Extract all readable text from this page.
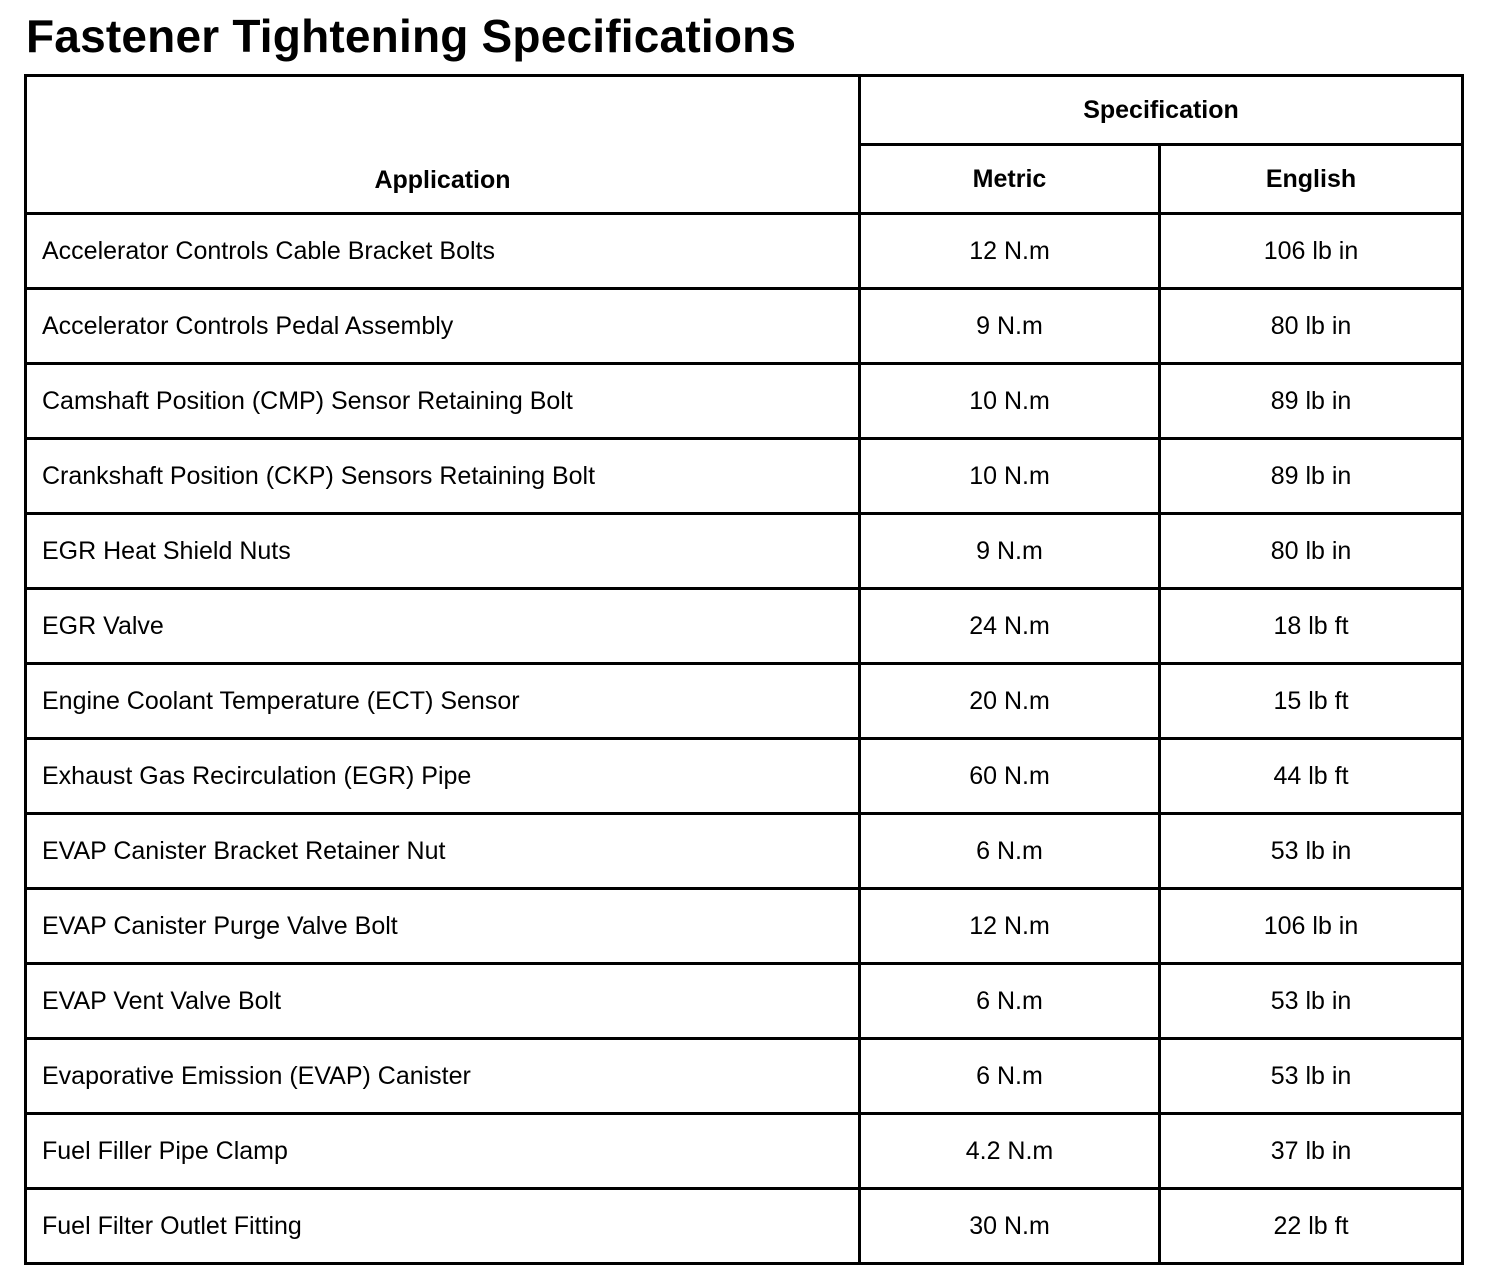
Fastener Tightening Specifications
Application	Specification	
	Metric	English
Accelerator Controls Cable Bracket Bolts	12 N.m	106 lb in
Accelerator Controls Pedal Assembly	9 N.m	80 lb in
Camshaft Position (CMP) Sensor Retaining Bolt	10 N.m	89 lb in
Crankshaft Position (CKP) Sensors Retaining Bolt	10 N.m	89 lb in
EGR Heat Shield Nuts	9 N.m	80 lb in
EGR Valve	24 N.m	18 lb ft
Engine Coolant Temperature (ECT) Sensor	20 N.m	15 lb ft
Exhaust Gas Recirculation (EGR) Pipe	60 N.m	44 lb ft
EVAP Canister Bracket Retainer Nut	6 N.m	53 lb in
EVAP Canister Purge Valve Bolt	12 N.m	106 lb in
EVAP Vent Valve Bolt	6 N.m	53 lb in
Evaporative Emission (EVAP) Canister	6 N.m	53 lb in
Fuel Filler Pipe Clamp	4.2 N.m	37 lb in
Fuel Filter Outlet Fitting	30 N.m	22 lb ft
